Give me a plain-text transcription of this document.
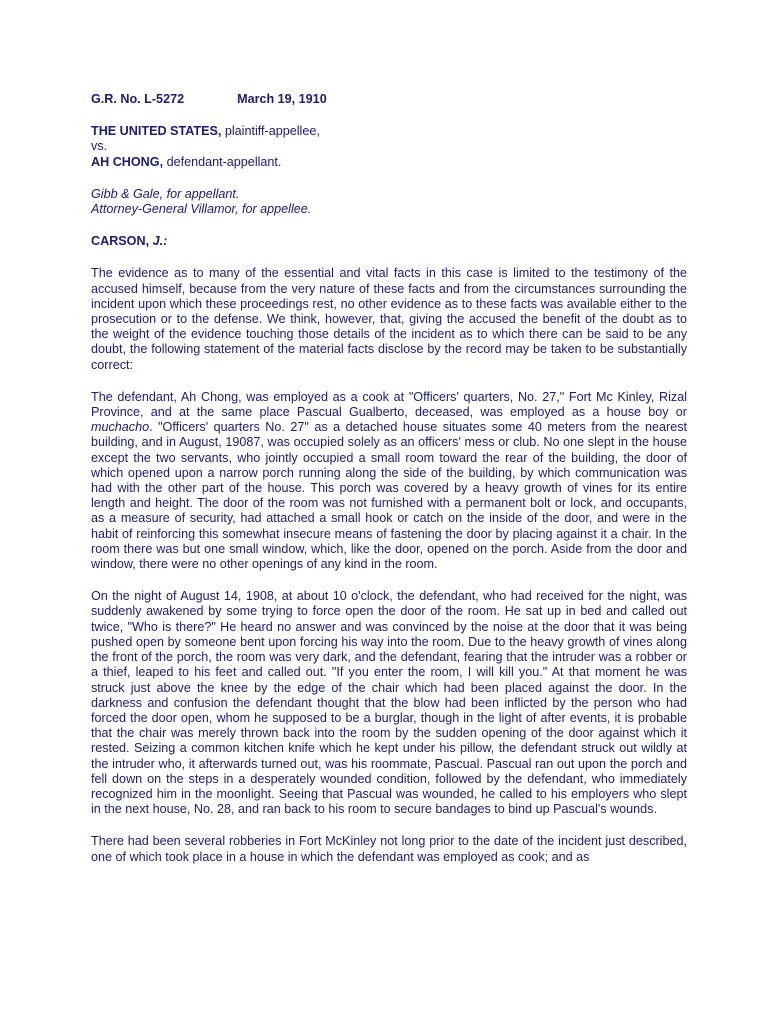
G.R. No. L-5272	March 19, 1910
THE UNITED STATES, plaintiff-appellee,
vs.
AH CHONG, defendant-appellant.
Gibb & Gale, for appellant.
Attorney-General Villamor, for appellee.
CARSON, J.:

The evidence as to many of the essential and vital facts in this case is limited to the testimony of the accused himself, because from the very nature of these facts and from the circumstances surrounding the incident upon which these proceedings rest, no other evidence as to these facts was available either to the prosecution or to the defense. We think, however, that, giving the accused the benefit of the doubt as to the weight of the evidence touching those details of the incident as to which there can be said to be any doubt, the following statement of the material facts disclose by the record may be taken to be substantially correct:

The defendant, Ah Chong, was employed as a cook at "Officers' quarters, No. 27," Fort Mc Kinley, Rizal Province, and at the same place Pascual Gualberto, deceased, was employed as a house boy or muchacho. "Officers' quarters No. 27" as a detached house situates some 40 meters from the nearest building, and in August, 19087, was occupied solely as an officers' mess or club. No one slept in the house except the two servants, who jointly occupied a small room toward the rear of the building, the door of which opened upon a narrow porch running along the side of the building, by which communication was had with the other part of the house. This porch was covered by a heavy growth of vines for its entire length and height. The door of the room was not furnished with a permanent bolt or lock, and occupants, as a measure of security, had attached a small hook or catch on the inside of the door, and were in the habit of reinforcing this somewhat insecure means of fastening the door by placing against it a chair. In the room there was but one small window, which, like the door, opened on the porch. Aside from the door and window, there were no other openings of any kind in the room.

On the night of August 14, 1908, at about 10 o'clock, the defendant, who had received for the night, was suddenly awakened by some trying to force open the door of the room. He sat up in bed and called out twice, "Who is there?" He heard no answer and was convinced by the noise at the door that it was being pushed open by someone bent upon forcing his way into the room. Due to the heavy growth of vines along the front of the porch, the room was very dark, and the defendant, fearing that the intruder was a robber or a thief, leaped to his feet and called out. "If you enter the room, I will kill you." At that moment he was struck just above the knee by the edge of the chair which had been placed against the door. In the darkness and confusion the defendant thought that the blow had been inflicted by the person who had forced the door open, whom he supposed to be a burglar, though in the light of after events, it is probable that the chair was merely thrown back into the room by the sudden opening of the door against which it rested. Seizing a common kitchen knife which he kept under his pillow, the defendant struck out wildly at the intruder who, it afterwards turned out, was his roommate, Pascual. Pascual ran out upon the porch and fell down on the steps in a desperately wounded condition, followed by the defendant, who immediately recognized him in the moonlight. Seeing that Pascual was wounded, he called to his employers who slept in the next house, No. 28, and ran back to his room to secure bandages to bind up Pascual's wounds.

There had been several robberies in Fort McKinley not long prior to the date of the incident just described, one of which took place in a house in which the defendant was employed as cook; and as
